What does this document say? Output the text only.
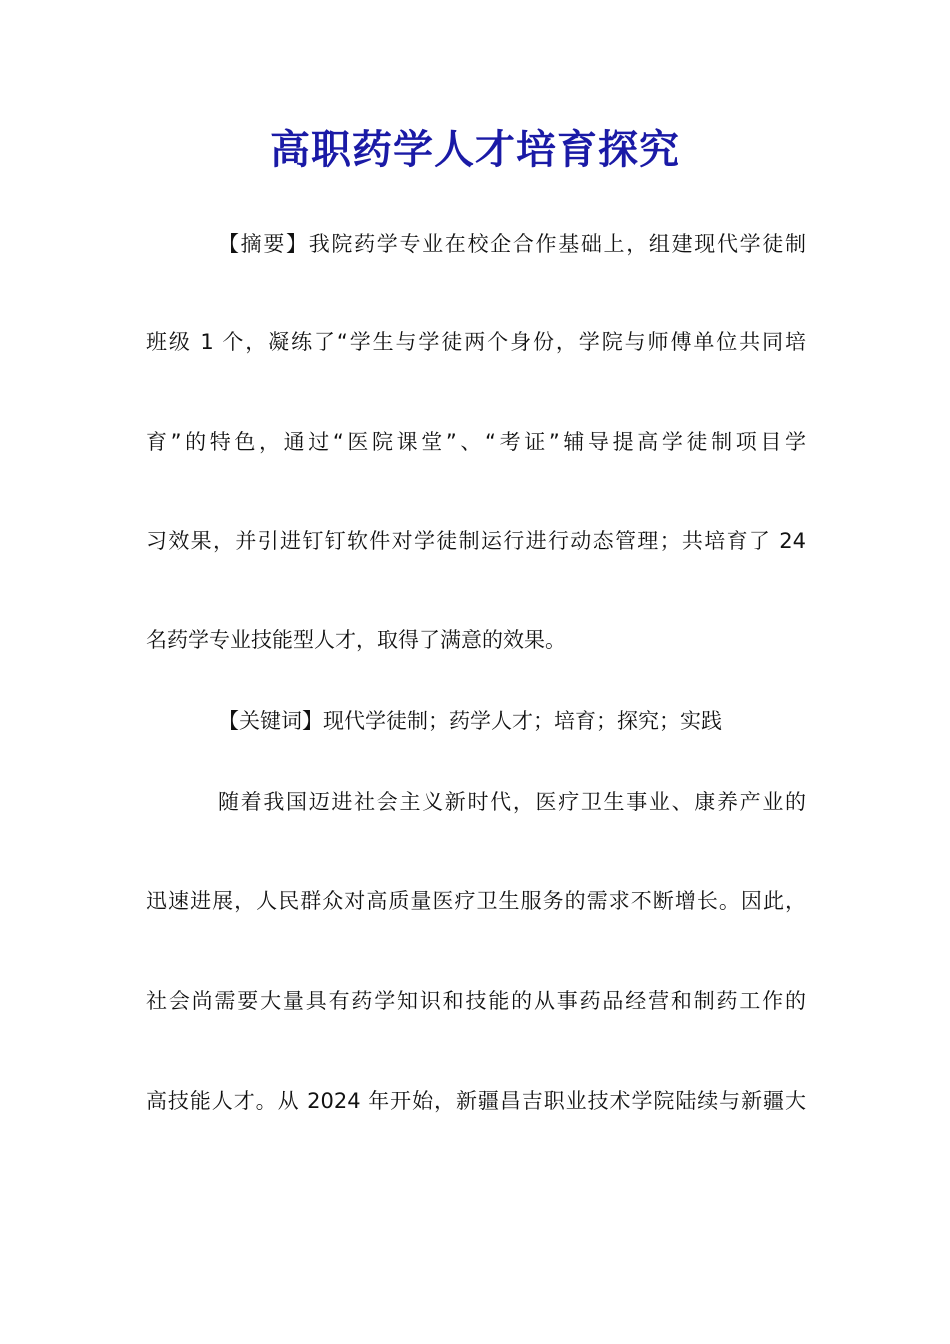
高职药学人才培育探究

【摘要】我院药学专业在校企合作基础上，组建现代学徒制

班级 1 个，凝练了“学生与学徒两个身份，学院与师傅单位共同培

育”的特色，通过“医院课堂”、“考证”辅导提高学徒制项目学

习效果，并引进钉钉软件对学徒制运行进行动态管理；共培育了 24

名药学专业技能型人才，取得了满意的效果。

【关键词】现代学徒制；药学人才；培育；探究；实践

随着我国迈进社会主义新时代，医疗卫生事业、康养产业的

迅速进展，人民群众对高质量医疗卫生服务的需求不断增长。因此，

社会尚需要大量具有药学知识和技能的从事药品经营和制药工作的

高技能人才。从 2024 年开始，新疆昌吉职业技术学院陆续与新疆大
